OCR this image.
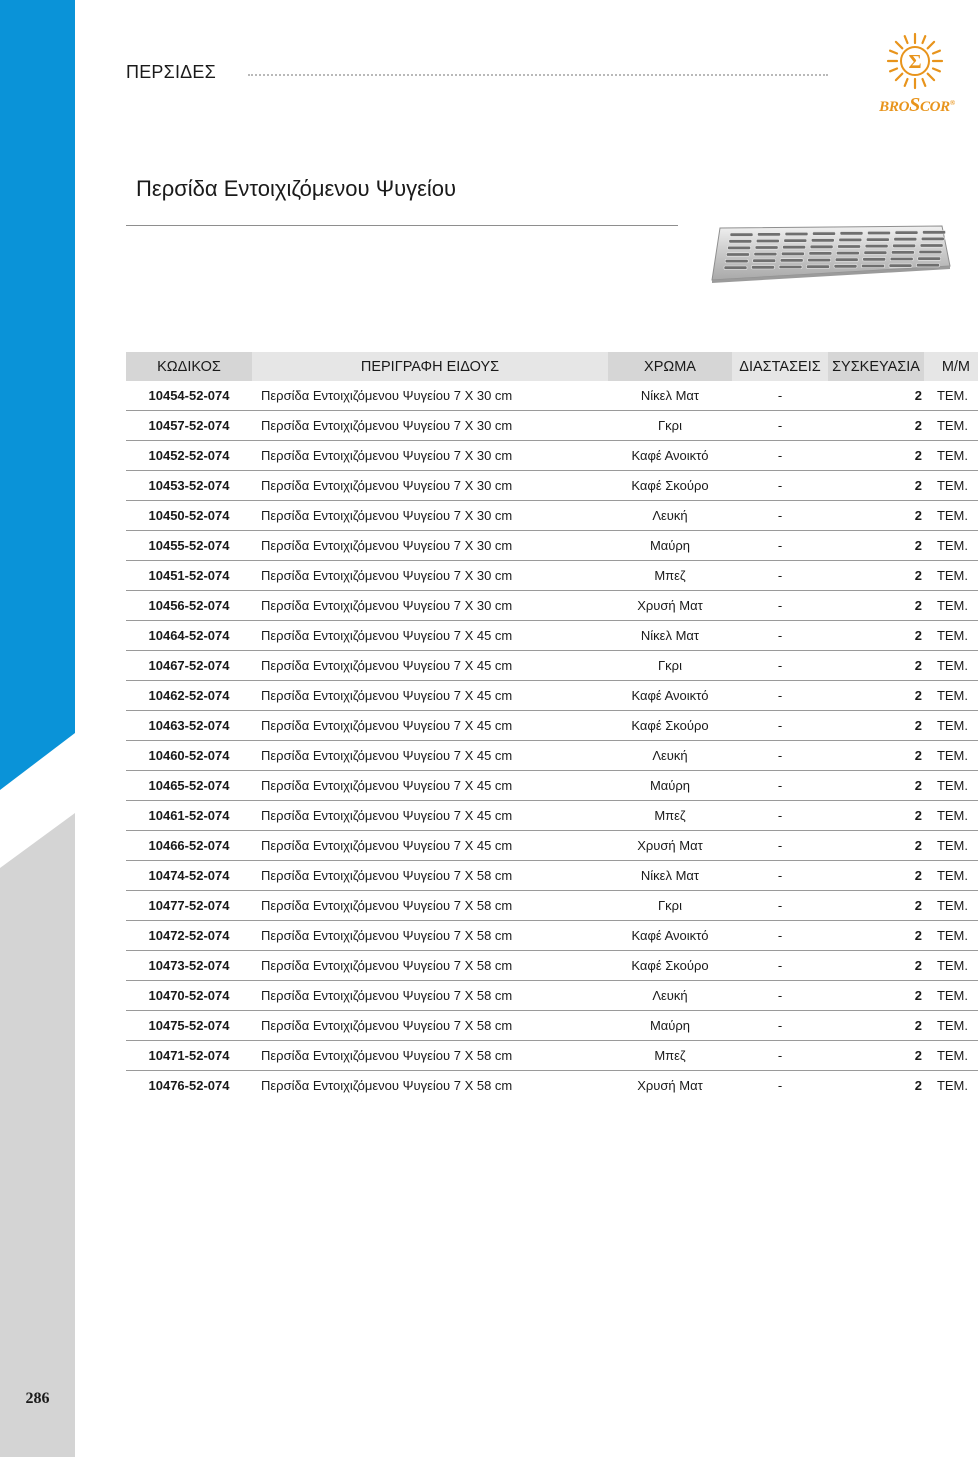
286
ΠΕΡΣΙΔΕΣ	Σ
BROSCOR®
Περσίδα Εντοιχιζόμενου Ψυγείου
ΚΩΔΙΚΟΣ	ΠΕΡΙΓΡΑΦΗ ΕΙΔΟΥΣ	ΧΡΩΜΑ	ΔΙΑΣΤΑΣΕΙΣ	ΣΥΣΚΕΥΑΣΙΑ	Μ/Μ
10454-52-074	Περσίδα Εντοιχιζόμενου Ψυγείου 7 X 30 cm	Νίκελ Ματ	-	2	ΤΕΜ.
10457-52-074	Περσίδα Εντοιχιζόμενου Ψυγείου 7 X 30 cm	Γκρι	-	2	ΤΕΜ.
10452-52-074	Περσίδα Εντοιχιζόμενου Ψυγείου 7 X 30 cm	Καφέ Ανοικτό	-	2	ΤΕΜ.
10453-52-074	Περσίδα Εντοιχιζόμενου Ψυγείου 7 X 30 cm	Καφέ Σκούρο	-	2	ΤΕΜ.
10450-52-074	Περσίδα Εντοιχιζόμενου Ψυγείου 7 X 30 cm	Λευκή	-	2	ΤΕΜ.
10455-52-074	Περσίδα Εντοιχιζόμενου Ψυγείου 7 X 30 cm	Μαύρη	-	2	ΤΕΜ.
10451-52-074	Περσίδα Εντοιχιζόμενου Ψυγείου 7 X 30 cm	Μπεζ	-	2	ΤΕΜ.
10456-52-074	Περσίδα Εντοιχιζόμενου Ψυγείου 7 X 30 cm	Χρυσή Ματ	-	2	ΤΕΜ.
10464-52-074	Περσίδα Εντοιχιζόμενου Ψυγείου 7 X 45 cm	Νίκελ Ματ	-	2	ΤΕΜ.
10467-52-074	Περσίδα Εντοιχιζόμενου Ψυγείου 7 X 45 cm	Γκρι	-	2	ΤΕΜ.
10462-52-074	Περσίδα Εντοιχιζόμενου Ψυγείου 7 X 45 cm	Καφέ Ανοικτό	-	2	ΤΕΜ.
10463-52-074	Περσίδα Εντοιχιζόμενου Ψυγείου 7 X 45 cm	Καφέ Σκούρο	-	2	ΤΕΜ.
10460-52-074	Περσίδα Εντοιχιζόμενου Ψυγείου 7 X 45 cm	Λευκή	-	2	ΤΕΜ.
10465-52-074	Περσίδα Εντοιχιζόμενου Ψυγείου 7 X 45 cm	Μαύρη	-	2	ΤΕΜ.
10461-52-074	Περσίδα Εντοιχιζόμενου Ψυγείου 7 X 45 cm	Μπεζ	-	2	ΤΕΜ.
10466-52-074	Περσίδα Εντοιχιζόμενου Ψυγείου 7 X 45 cm	Χρυσή Ματ	-	2	ΤΕΜ.
10474-52-074	Περσίδα Εντοιχιζόμενου Ψυγείου 7 X 58 cm	Νίκελ Ματ	-	2	ΤΕΜ.
10477-52-074	Περσίδα Εντοιχιζόμενου Ψυγείου 7 X 58 cm	Γκρι	-	2	ΤΕΜ.
10472-52-074	Περσίδα Εντοιχιζόμενου Ψυγείου 7 X 58 cm	Καφέ Ανοικτό	-	2	ΤΕΜ.
10473-52-074	Περσίδα Εντοιχιζόμενου Ψυγείου 7 X 58 cm	Καφέ Σκούρο	-	2	ΤΕΜ.
10470-52-074	Περσίδα Εντοιχιζόμενου Ψυγείου 7 X 58 cm	Λευκή	-	2	ΤΕΜ.
10475-52-074	Περσίδα Εντοιχιζόμενου Ψυγείου 7 X 58 cm	Μαύρη	-	2	ΤΕΜ.
10471-52-074	Περσίδα Εντοιχιζόμενου Ψυγείου 7 X 58 cm	Μπεζ	-	2	ΤΕΜ.
10476-52-074	Περσίδα Εντοιχιζόμενου Ψυγείου 7 X 58 cm	Χρυσή Ματ	-	2	ΤΕΜ.
